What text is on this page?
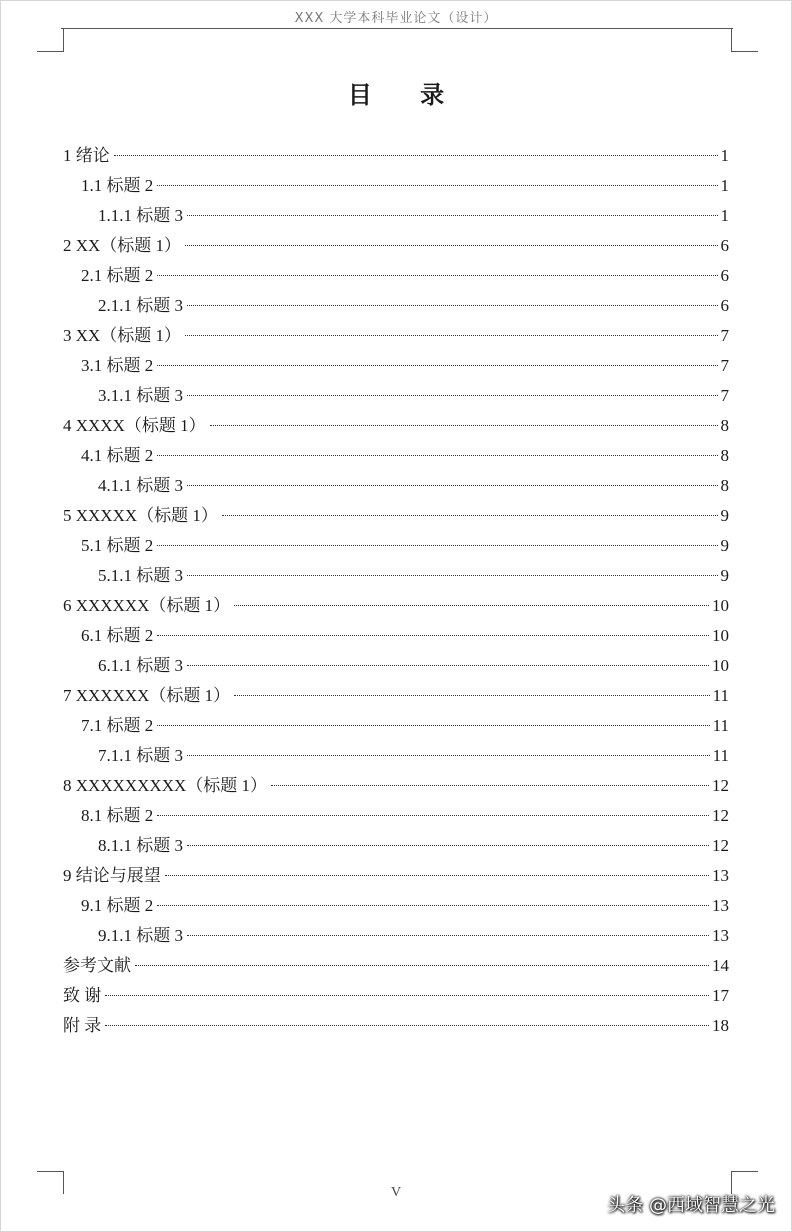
XXX 大学本科毕业论文（设计）
目 录
1 绪论	1
1.1 标题 2	1
1.1.1 标题 3	1
2 XX（标题 1）	6
2.1 标题 2	6
2.1.1 标题 3	6
3 XX（标题 1）	7
3.1 标题 2	7
3.1.1 标题 3	7
4 XXXX（标题 1）	8
4.1 标题 2	8
4.1.1 标题 3	8
5 XXXXX（标题 1）	9
5.1 标题 2	9
5.1.1 标题 3	9
6 XXXXXX（标题 1）	10
6.1 标题 2	10
6.1.1 标题 3	10
7 XXXXXX（标题 1）	11
7.1 标题 2	11
7.1.1 标题 3	11
8 XXXXXXXXX（标题 1）	12
8.1 标题 2	12
8.1.1 标题 3	12
9 结论与展望	13
9.1 标题 2	13
9.1.1 标题 3	13
参考文献	14
致 谢	17
附 录	18
V
头条 @西域智慧之光
